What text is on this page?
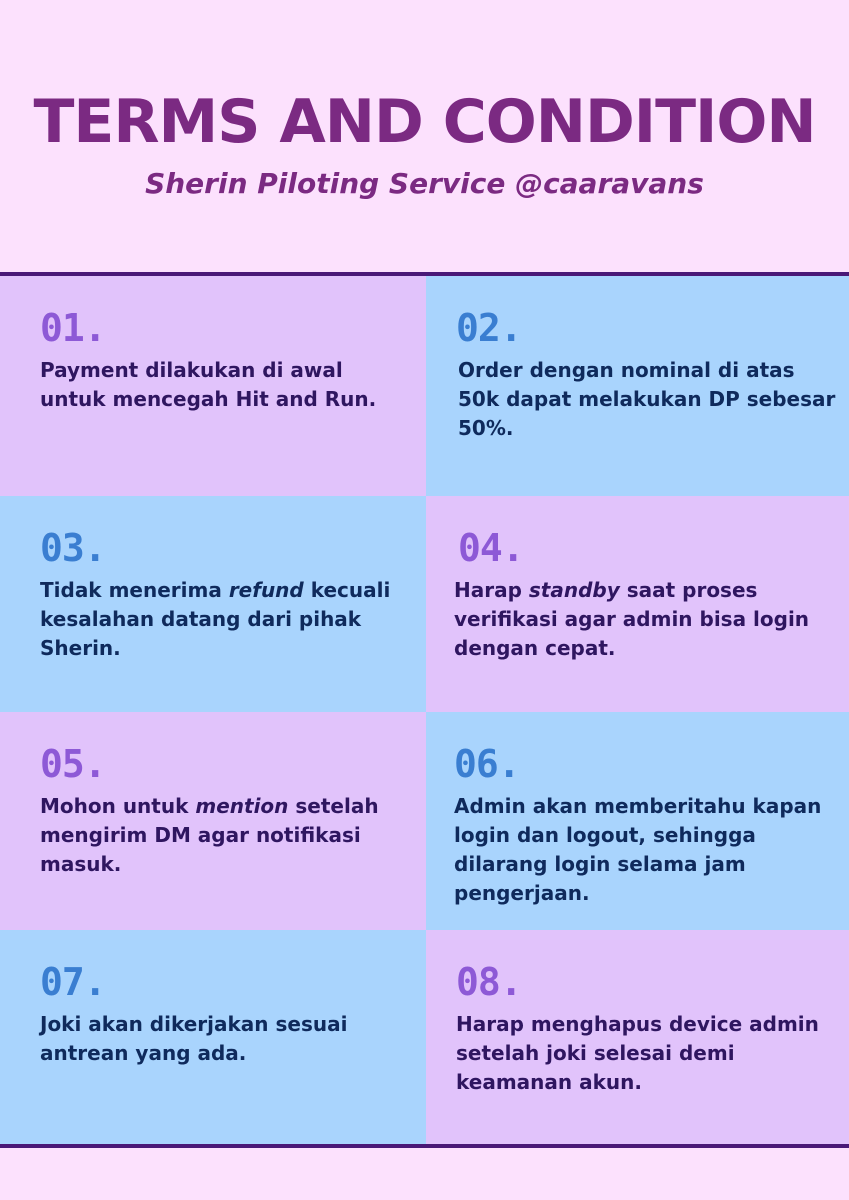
TERMS AND CONDITION
Sherin Piloting Service @caaravans

01.

Payment dilakukan di awal untuk mencegah Hit and Run.

02.

Order dengan nominal di atas 50k dapat melakukan DP sebesar 50%.

03.

Tidak menerima refund kecuali kesalahan datang dari pihak Sherin.

04.

Harap standby saat proses verifikasi agar admin bisa login dengan cepat.

05.

Mohon untuk mention setelah mengirim DM agar notifikasi masuk.

06.

Admin akan memberitahu kapan login dan logout, sehingga dilarang login selama jam pengerjaan.

07.

Joki akan dikerjakan sesuai antrean yang ada.

08.

Harap menghapus device admin setelah joki selesai demi keamanan akun.
